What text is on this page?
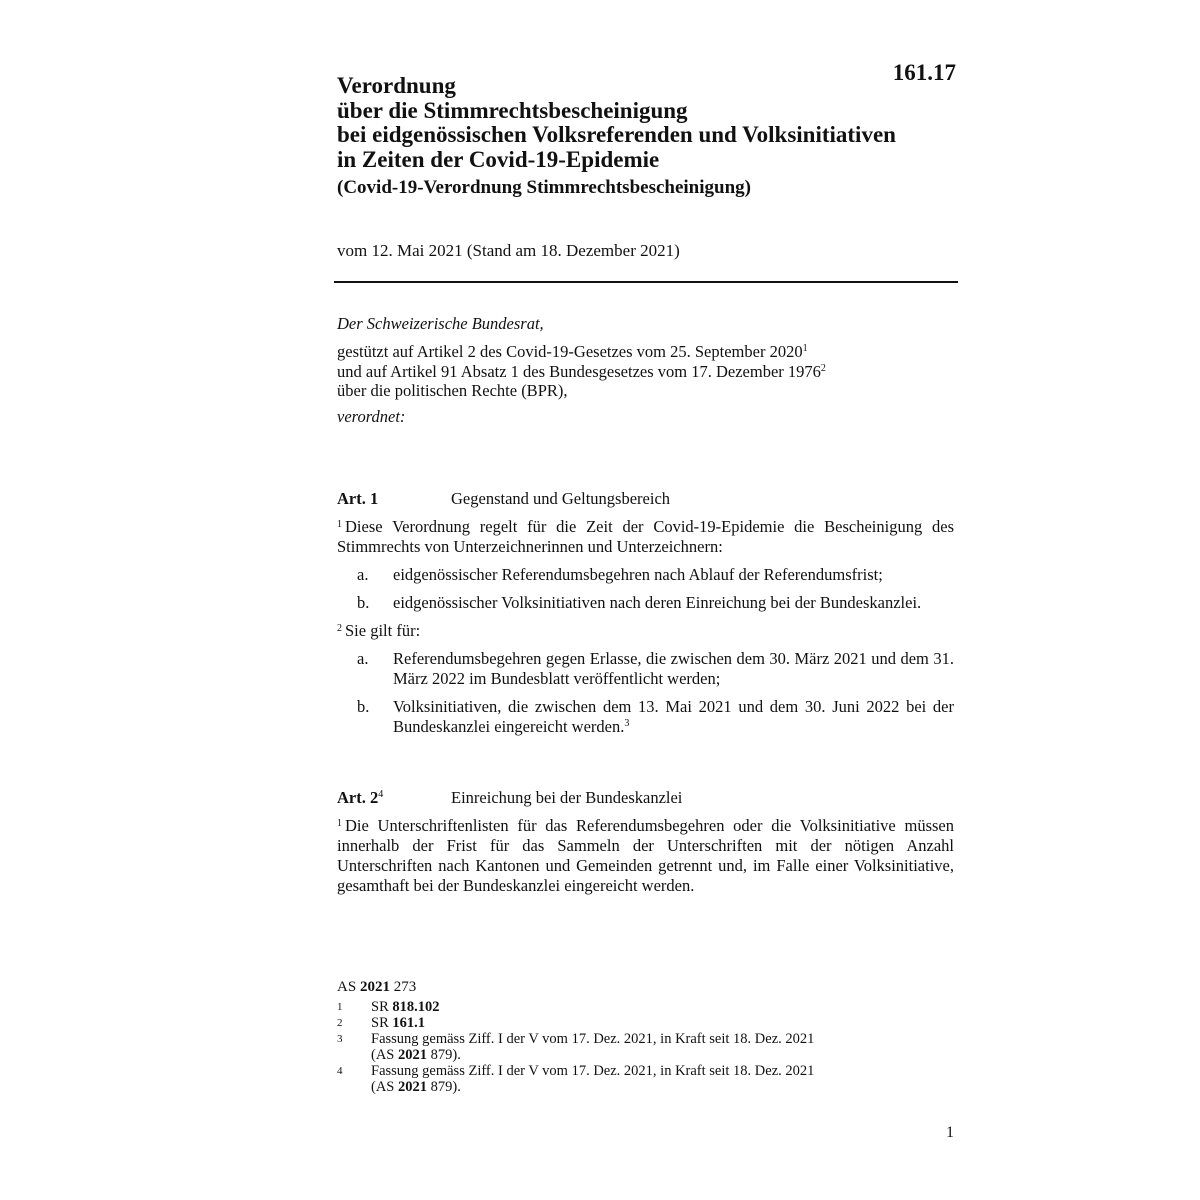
161.17
Verordnung
über die Stimmrechtsbescheinigung
bei eidgenössischen Volksreferenden und Volksinitiativen
in Zeiten der Covid-19-Epidemie
(Covid-19-Verordnung Stimmrechtsbescheinigung)
vom 12. Mai 2021 (Stand am 18. Dezember 2021)
Der Schweizerische Bundesrat,
gestützt auf Artikel 2 des Covid-19-Gesetzes vom 25. September 2020$^1$
und auf Artikel 91 Absatz 1 des Bundesgesetzes vom 17. Dezember 1976$^2$
über die politischen Rechte (BPR),
verordnet:
Art. 1	Gegenstand und Geltungsbereich
$^1$ Diese Verordnung regelt für die Zeit der Covid-19-Epidemie die Bescheinigung des Stimmrechts von Unterzeichnerinnen und Unterzeichnern:
a.	eidgenössischer Referendumsbegehren nach Ablauf der Referendumsfrist;
b.	eidgenössischer Volksinitiativen nach deren Einreichung bei der Bundeskanzlei.
$^2$ Sie gilt für:
a.	Referendumsbegehren gegen Erlasse, die zwischen dem 30. März 2021 und dem 31. März 2022 im Bundesblatt veröffentlicht werden;
b.	Volksinitiativen, die zwischen dem 13. Mai 2021 und dem 30. Juni 2022 bei der Bundeskanzlei eingereicht werden.$^3$
Art. 2$^4$	Einreichung bei der Bundeskanzlei
$^1$ Die Unterschriftenlisten für das Referendumsbegehren oder die Volksinitiative müssen innerhalb der Frist für das Sammeln der Unterschriften mit der nötigen Anzahl Unterschriften nach Kantonen und Gemeinden getrennt und, im Falle einer Volksinitiative, gesamthaft bei der Bundeskanzlei eingereicht werden.
AS 2021 273
1	SR 818.102
2	SR 161.1
3	Fassung gemäss Ziff. I der V vom 17. Dez. 2021, in Kraft seit 18. Dez. 2021
(AS 2021 879).
4	Fassung gemäss Ziff. I der V vom 17. Dez. 2021, in Kraft seit 18. Dez. 2021
(AS 2021 879).
1
